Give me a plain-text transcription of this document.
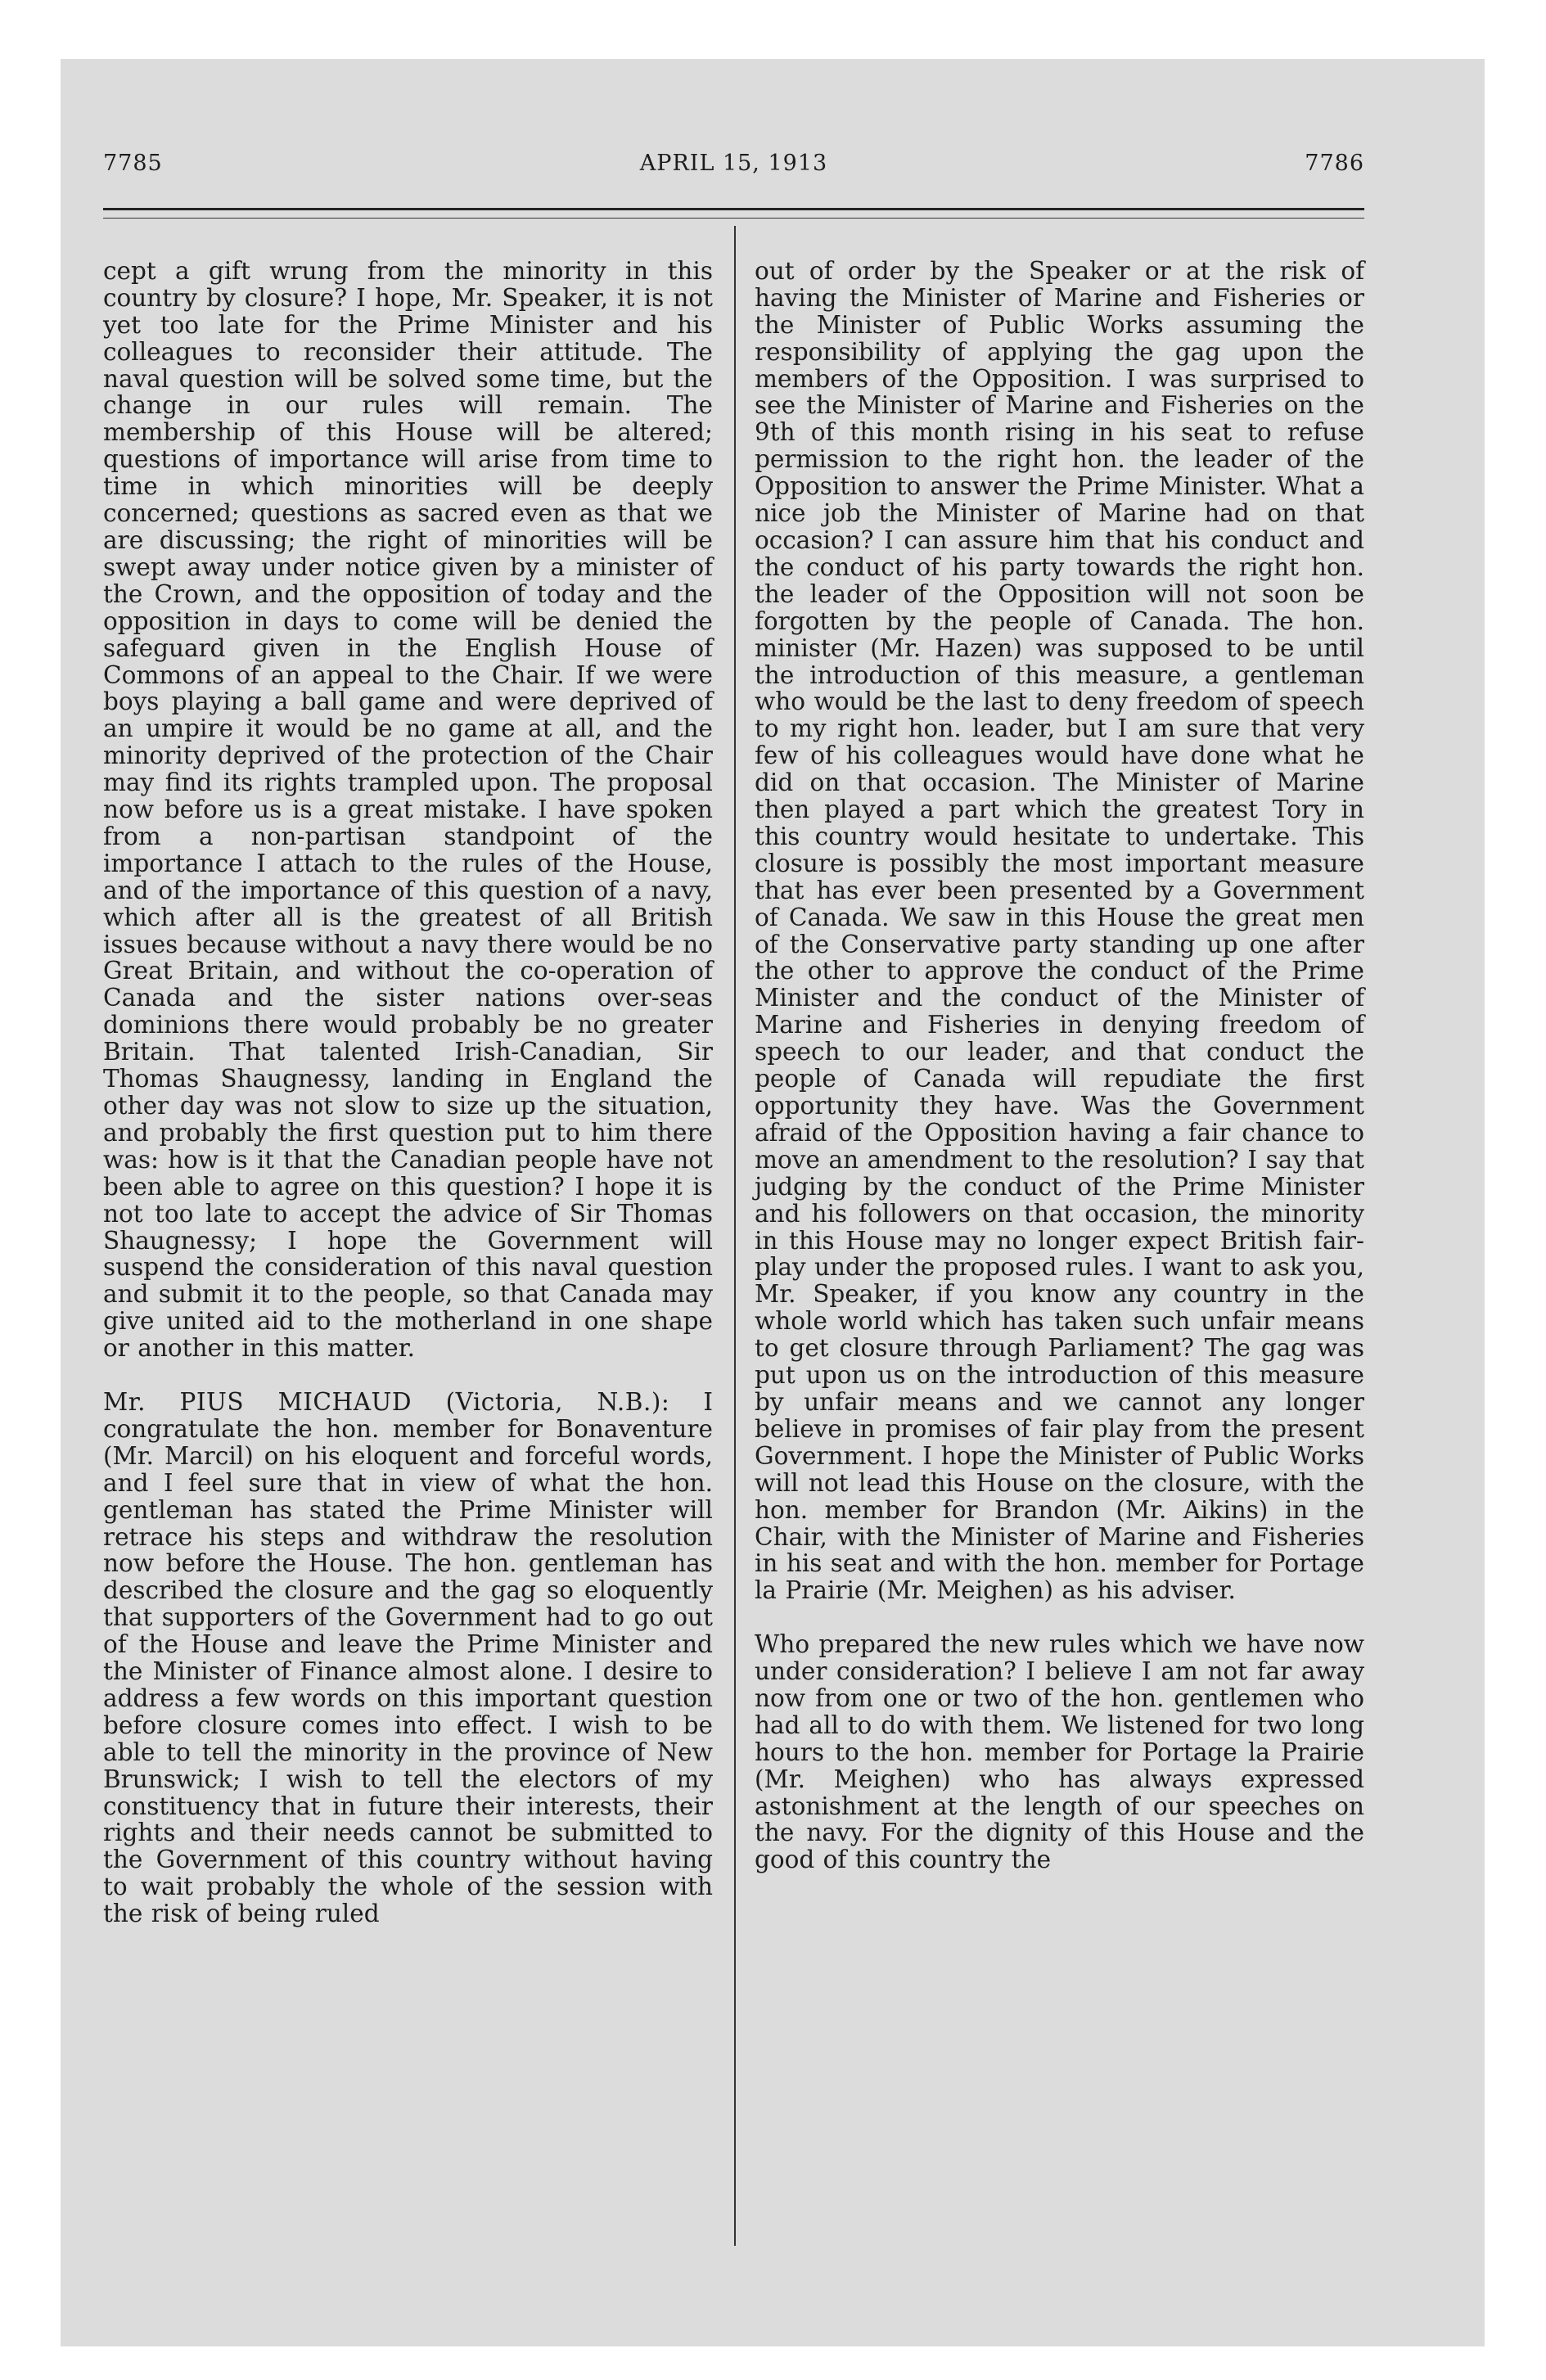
7785	APRIL 15, 1913	7786

cept a gift wrung from the minority in this country by closure? I hope, Mr. Speaker, it is not yet too late for the Prime Minister and his colleagues to reconsider their attitude. The naval question will be solved some time, but the change in our rules will remain. The membership of this House will be altered; questions of importance will arise from time to time in which minorities will be deeply concerned; questions as sacred even as that we are discussing; the right of minorities will be swept away under notice given by a minister of the Crown, and the opposition of today and the opposition in days to come will be denied the safeguard given in the English House of Commons of an appeal to the Chair. If we were boys playing a ball game and were deprived of an umpire it would be no game at all, and the minority deprived of the protection of the Chair may find its rights trampled upon. The proposal now before us is a great mistake. I have spoken from a non-partisan standpoint of the importance I attach to the rules of the House, and of the importance of this question of a navy, which after all is the greatest of all British issues because without a navy there would be no Great Britain, and without the co-operation of Canada and the sister nations over-seas dominions there would probably be no greater Britain. That talented Irish-Canadian, Sir Thomas Shaugnessy, landing in England the other day was not slow to size up the situation, and probably the first question put to him there was: how is it that the Canadian people have not been able to agree on this question? I hope it is not too late to accept the advice of Sir Thomas Shaugnessy; I hope the Government will suspend the consideration of this naval question and submit it to the people, so that Canada may give united aid to the motherland in one shape or another in this matter.

Mr. PIUS MICHAUD (Victoria, N.B.): I congratulate the hon. member for Bonaventure (Mr. Marcil) on his eloquent and forceful words, and I feel sure that in view of what the hon. gentleman has stated the Prime Minister will retrace his steps and withdraw the resolution now before the House. The hon. gentleman has described the closure and the gag so eloquently that supporters of the Government had to go out of the House and leave the Prime Minister and the Minister of Finance almost alone. I desire to address a few words on this important question before closure comes into effect. I wish to be able to tell the minority in the province of New Brunswick; I wish to tell the electors of my constituency that in future their interests, their rights and their needs cannot be submitted to the Government of this country without having to wait probably the whole of the session with the risk of being ruled

out of order by the Speaker or at the risk of having the Minister of Marine and Fisheries or the Minister of Public Works assuming the responsibility of applying the gag upon the members of the Opposition. I was surprised to see the Minister of Marine and Fisheries on the 9th of this month rising in his seat to refuse permission to the right hon. the leader of the Opposition to answer the Prime Minister. What a nice job the Minister of Marine had on that occasion? I can assure him that his conduct and the conduct of his party towards the right hon. the leader of the Opposition will not soon be forgotten by the people of Canada. The hon. minister (Mr. Hazen) was supposed to be until the introduction of this measure, a gentleman who would be the last to deny freedom of speech to my right hon. leader, but I am sure that very few of his colleagues would have done what he did on that occasion. The Minister of Marine then played a part which the greatest Tory in this country would hesitate to undertake. This closure is possibly the most important measure that has ever been presented by a Government of Canada. We saw in this House the great men of the Conservative party standing up one after the other to approve the conduct of the Prime Minister and the conduct of the Minister of Marine and Fisheries in denying freedom of speech to our leader, and that conduct the people of Canada will repudiate the first opportunity they have. Was the Government afraid of the Opposition having a fair chance to move an amendment to the resolution? I say that judging by the conduct of the Prime Minister and his followers on that occasion, the minority in this House may no longer expect British fair-play under the proposed rules. I want to ask you, Mr. Speaker, if you know any country in the whole world which has taken such unfair means to get closure through Parliament? The gag was put upon us on the introduction of this measure by unfair means and we cannot any longer believe in promises of fair play from the present Government. I hope the Minister of Public Works will not lead this House on the closure, with the hon. member for Brandon (Mr. Aikins) in the Chair, with the Minister of Marine and Fisheries in his seat and with the hon. member for Portage la Prairie (Mr. Meighen) as his adviser.

Who prepared the new rules which we have now under consideration? I believe I am not far away now from one or two of the hon. gentlemen who had all to do with them. We listened for two long hours to the hon. member for Portage la Prairie (Mr. Meighen) who has always expressed astonishment at the length of our speeches on the navy. For the dignity of this House and the good of this country the
